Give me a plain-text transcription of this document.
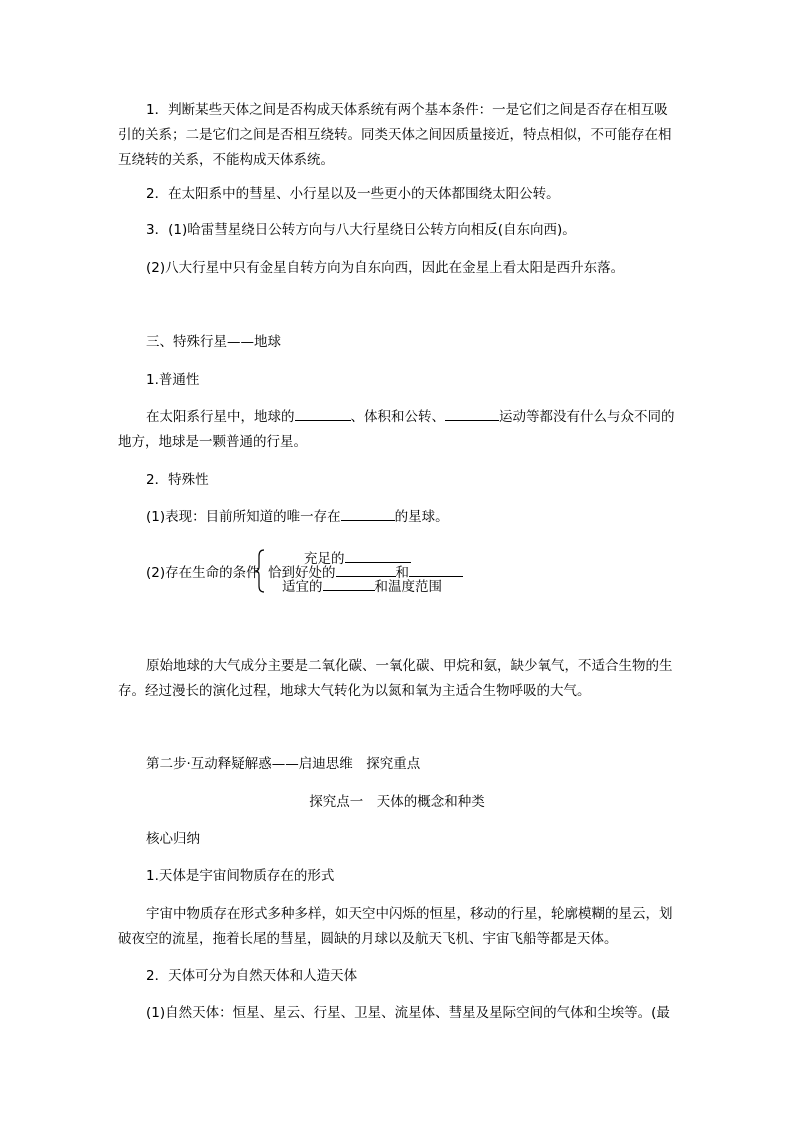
1．判断某些天体之间是否构成天体系统有两个基本条件：一是它们之间是否存在相互吸引的关系；二是它们之间是否相互绕转。同类天体之间因质量接近，特点相似，不可能存在相互绕转的关系，不能构成天体系统。

2．在太阳系中的彗星、小行星以及一些更小的天体都围绕太阳公转。

3．(1)哈雷彗星绕日公转方向与八大行星绕日公转方向相反(自东向西)。

(2)八大行星中只有金星自转方向为自东向西，因此在金星上看太阳是西升东落。

三、特殊行星——地球

1.普通性

在太阳系行星中，地球的	、体积和公转、	运动等都没有什么与众不同的地方，地球是一颗普通的行星。

2．特殊性

(1)表现：目前所知道的唯一存在	的星球。

(2)存在生命的条件
充足的
恰到好处的	和
适宜的	和温度范围

原始地球的大气成分主要是二氧化碳、一氧化碳、甲烷和氨，缺少氧气，不适合生物的生存。经过漫长的演化过程，地球大气转化为以氮和氧为主适合生物呼吸的大气。

第二步·互动释疑解惑——启迪思维　探究重点

探究点一　天体的概念和种类

核心归纳

1.天体是宇宙间物质存在的形式

宇宙中物质存在形式多种多样，如天空中闪烁的恒星，移动的行星，轮廓模糊的星云，划破夜空的流星，拖着长尾的彗星，圆缺的月球以及航天飞机、宇宙飞船等都是天体。

2．天体可分为自然天体和人造天体

(1)自然天体：恒星、星云、行星、卫星、流星体、彗星及星际空间的气体和尘埃等。(最
